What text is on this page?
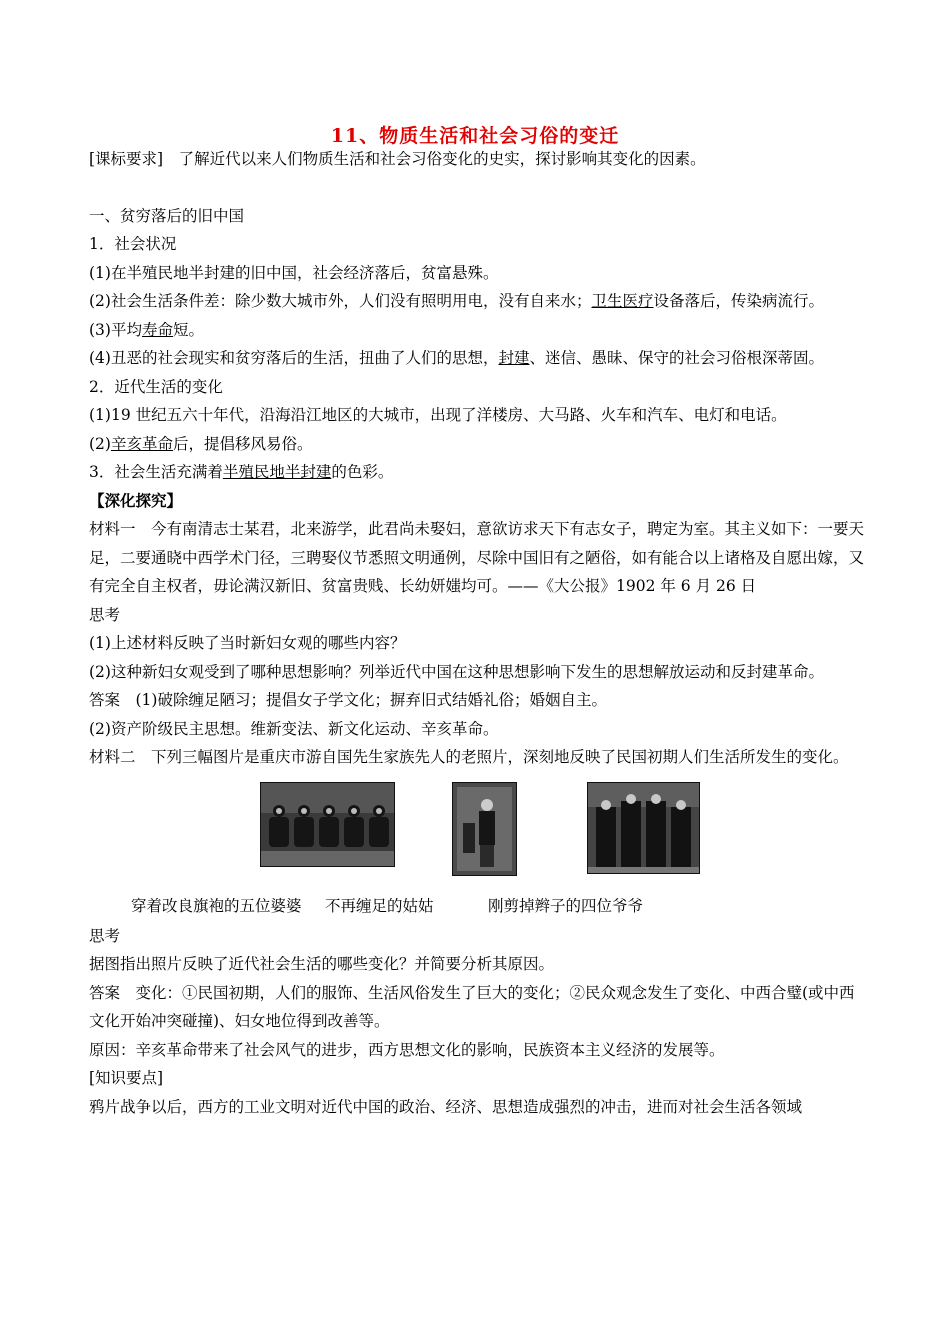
11、物质生活和社会习俗的变迁

[课标要求]　了解近代以来人们物质生活和社会习俗变化的史实，探讨影响其变化的因素。

一、贫穷落后的旧中国

1．社会状况

(1)在半殖民地半封建的旧中国，社会经济落后，贫富悬殊。

(2)社会生活条件差：除少数大城市外，人们没有照明用电，没有自来水；卫生医疗设备落后，传染病流行。

(3)平均寿命短。

(4)丑恶的社会现实和贫穷落后的生活，扭曲了人们的思想，封建、迷信、愚昧、保守的社会习俗根深蒂固。

2．近代生活的变化

(1)19 世纪五六十年代，沿海沿江地区的大城市，出现了洋楼房、大马路、火车和汽车、电灯和电话。

(2)辛亥革命后，提倡移风易俗。

3．社会生活充满着半殖民地半封建的色彩。

【深化探究】

材料一　今有南清志士某君，北来游学，此君尚未娶妇，意欲访求天下有志女子，聘定为室。其主义如下：一要天足，二要通晓中西学术门径，三聘娶仪节悉照文明通例，尽除中国旧有之陋俗，如有能合以上诸格及自愿出嫁，又有完全自主权者，毋论满汉新旧、贫富贵贱、长幼妍媸均可。——《大公报》1902 年 6 月 26 日

思考

(1)上述材料反映了当时新妇女观的哪些内容？

(2)这种新妇女观受到了哪种思想影响？列举近代中国在这种思想影响下发生的思想解放运动和反封建革命。

答案　(1)破除缠足陋习；提倡女子学文化；摒弃旧式结婚礼俗；婚姻自主。

(2)资产阶级民主思想。维新变法、新文化运动、辛亥革命。

材料二　下列三幅图片是重庆市游自国先生家族先人的老照片，深刻地反映了民国初期人们生活所发生的变化。

穿着改良旗袍的五位婆婆 不再缠足的姑姑	刚剪掉辫子的四位爷爷

思考

据图指出照片反映了近代社会生活的哪些变化？并简要分析其原因。

答案　变化：①民国初期，人们的服饰、生活风俗发生了巨大的变化；②民众观念发生了变化、中西合璧(或中西文化开始冲突碰撞)、妇女地位得到改善等。

原因：辛亥革命带来了社会风气的进步，西方思想文化的影响，民族资本主义经济的发展等。

[知识要点]

鸦片战争以后，西方的工业文明对近代中国的政治、经济、思想造成强烈的冲击，进而对社会生活各领域
